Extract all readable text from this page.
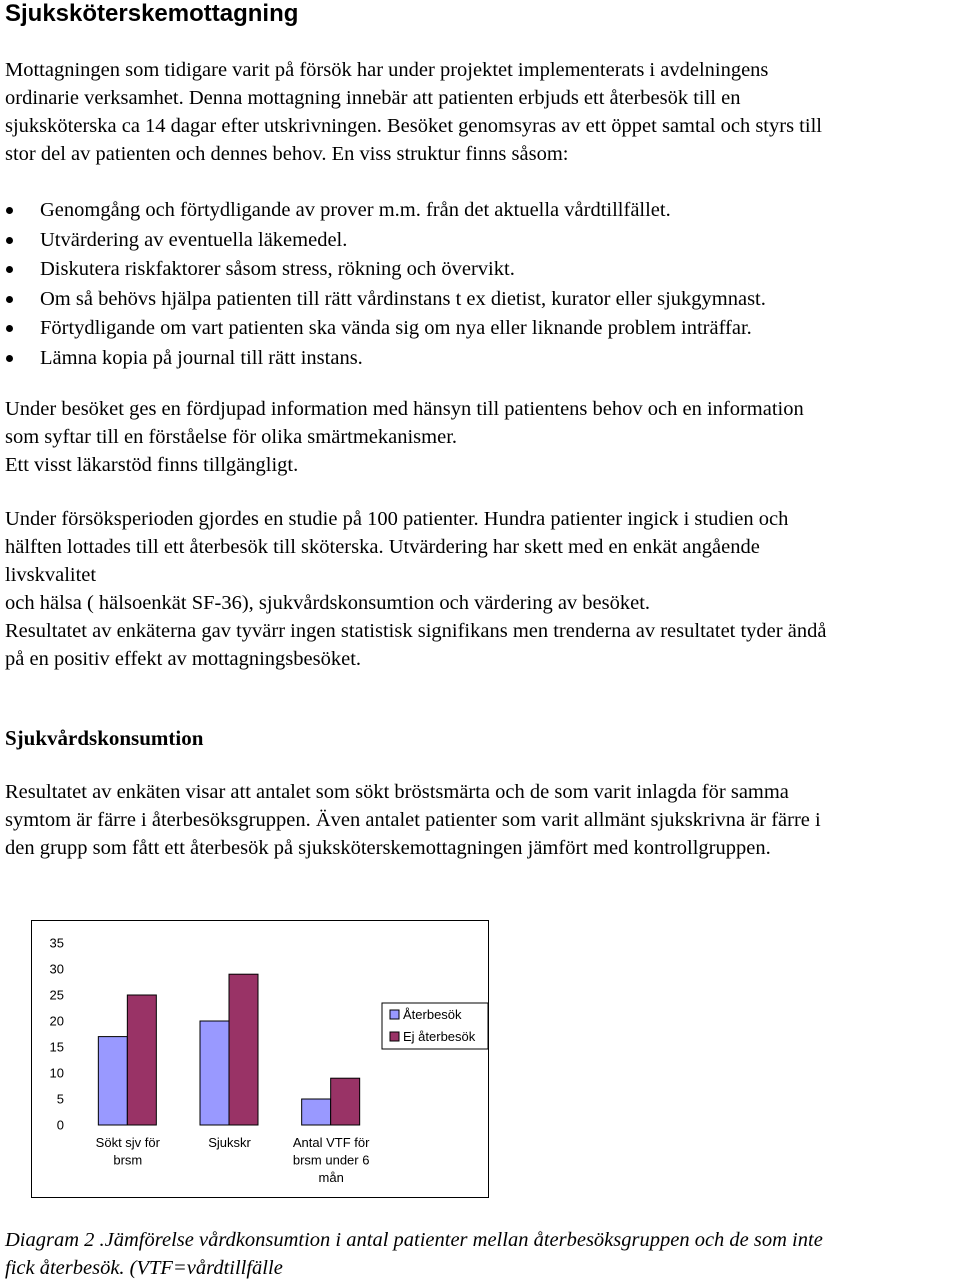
Sjuksköterskemottagning
Mottagningen som tidigare varit på försök har under projektet implementerats i avdelningens
ordinarie verksamhet. Denna mottagning innebär att patienten erbjuds ett återbesök till en
sjuksköterska ca 14 dagar efter utskrivningen. Besöket genomsyras av ett öppet samtal och styrs till
stor del av patienten och dennes behov. En viss struktur finns såsom:
Genomgång och förtydligande av prover m.m. från det aktuella vårdtillfället.
Utvärdering av eventuella läkemedel.
Diskutera riskfaktorer såsom stress, rökning och övervikt.
Om så behövs hjälpa patienten till rätt vårdinstans t ex dietist, kurator eller sjukgymnast.
Förtydligande om vart patienten ska vända sig om nya eller liknande problem inträffar.
Lämna kopia på journal till rätt instans.
Under besöket ges en fördjupad information med hänsyn till patientens behov och en information
som syftar till en förståelse för olika smärtmekanismer.
Ett visst läkarstöd finns tillgängligt.
Under försöksperioden gjordes en studie på 100 patienter. Hundra patienter ingick i studien och
hälften lottades till ett återbesök till sköterska. Utvärdering har skett med en enkät angående
livskvalitet
och hälsa ( hälsoenkät SF-36), sjukvårdskonsumtion och värdering av besöket.
Resultatet av enkäterna gav tyvärr ingen statistisk signifikans men trenderna av resultatet tyder ändå
på en positiv effekt av mottagningsbesöket.
Sjukvårdskonsumtion
Resultatet av enkäten visar att antalet som sökt bröstsmärta och de som varit inlagda för samma
symtom är färre i återbesöksgruppen. Även antalet patienter som varit allmänt sjukskrivna är färre i
den grupp som fått ett återbesök på sjuksköterskemottagningen jämfört med kontrollgruppen.
35
30
25
20
15
10
5
0
Sökt sjv för
brsm
Sjukskr	Antal VTF för
brsm under 6
mån
Återbesök
Ej återbesök
Diagram 2 .Jämförelse vårdkonsumtion i antal patienter mellan återbesöksgruppen och de som inte
fick återbesök. (VTF=vårdtillfälle
